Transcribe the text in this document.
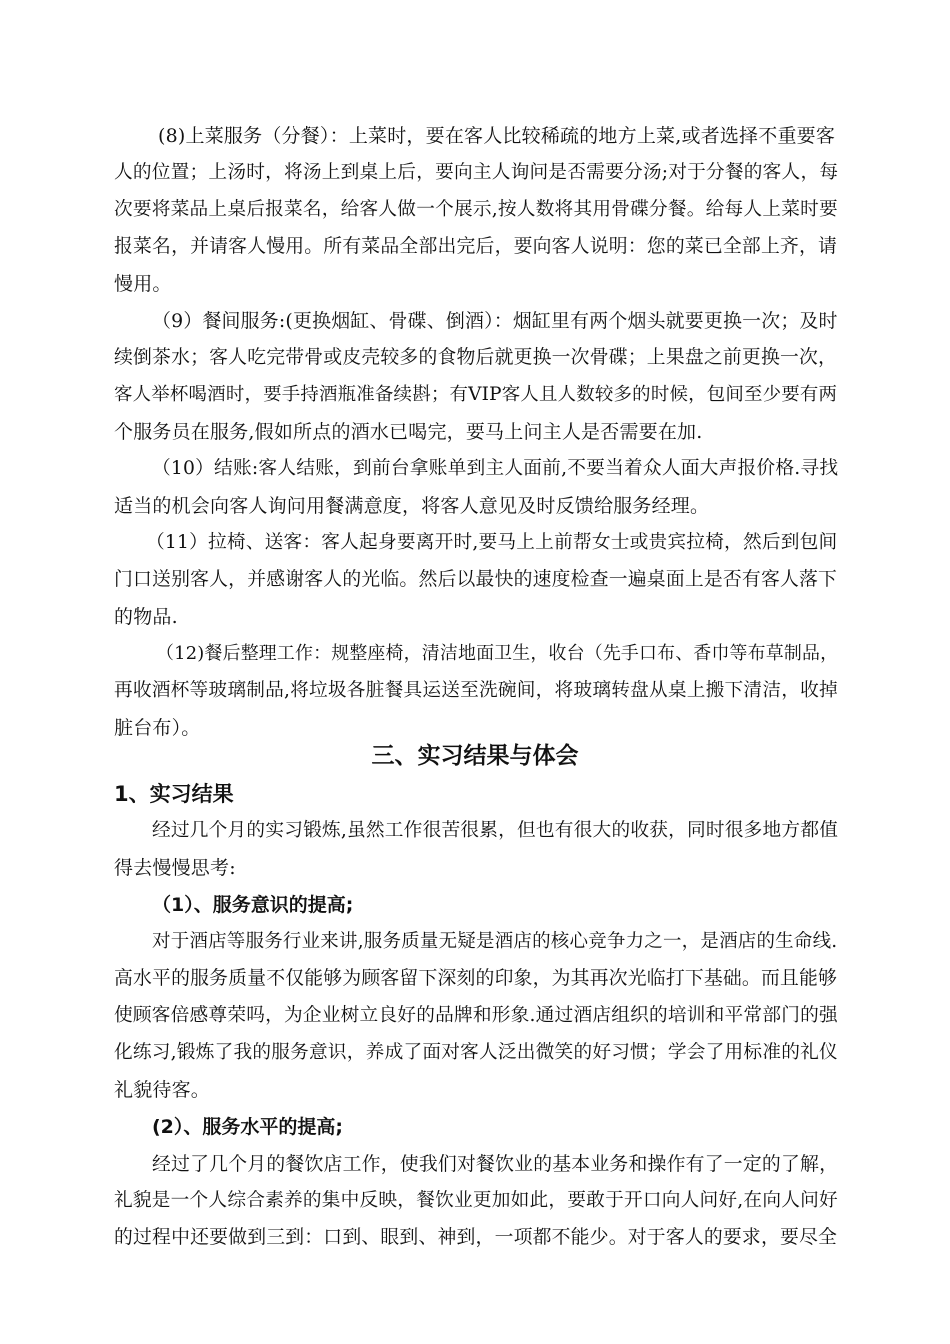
(8)上菜服务（分餐）：上菜时，要在客人比较稀疏的地方上菜,或者选择不重要客
人的位置；上汤时，将汤上到桌上后，要向主人询问是否需要分汤;对于分餐的客人，每
次要将菜品上桌后报菜名，给客人做一个展示,按人数将其用骨碟分餐。给每人上菜时要
报菜名，并请客人慢用。所有菜品全部出完后，要向客人说明：您的菜已全部上齐，请
慢用。
（9）餐间服务:(更换烟缸、骨碟、倒酒）：烟缸里有两个烟头就要更换一次；及时
续倒茶水；客人吃完带骨或皮壳较多的食物后就更换一次骨碟；上果盘之前更换一次，
客人举杯喝酒时，要手持酒瓶准备续斟；有VIP客人且人数较多的时候，包间至少要有两
个服务员在服务,假如所点的酒水已喝完，要马上问主人是否需要在加.
（10）结账:客人结账，到前台拿账单到主人面前,不要当着众人面大声报价格.寻找
适当的机会向客人询问用餐满意度，将客人意见及时反馈给服务经理。
（11）拉椅、送客：客人起身要离开时,要马上上前帮女士或贵宾拉椅，然后到包间
门口送别客人，并感谢客人的光临。然后以最快的速度检查一遍桌面上是否有客人落下
的物品.
（12)餐后整理工作：规整座椅，清洁地面卫生，收台（先手口布、香巾等布草制品，
再收酒杯等玻璃制品,将垃圾各脏餐具运送至洗碗间，将玻璃转盘从桌上搬下清洁，收掉
脏台布）。
三、实习结果与体会
1、实习结果
经过几个月的实习锻炼,虽然工作很苦很累，但也有很大的收获，同时很多地方都值
得去慢慢思考:
（1）、服务意识的提高;
对于酒店等服务行业来讲,服务质量无疑是酒店的核心竞争力之一，是酒店的生命线.
高水平的服务质量不仅能够为顾客留下深刻的印象，为其再次光临打下基础。而且能够
使顾客倍感尊荣吗，为企业树立良好的品牌和形象.通过酒店组织的培训和平常部门的强
化练习,锻炼了我的服务意识，养成了面对客人泛出微笑的好习惯；学会了用标准的礼仪
礼貌待客。
(2）、服务水平的提高;
经过了几个月的餐饮店工作，使我们对餐饮业的基本业务和操作有了一定的了解，
礼貌是一个人综合素养的集中反映，餐饮业更加如此，要敢于开口向人问好,在向人问好
的过程中还要做到三到：口到、眼到、神到，一项都不能少。对于客人的要求，要尽全
